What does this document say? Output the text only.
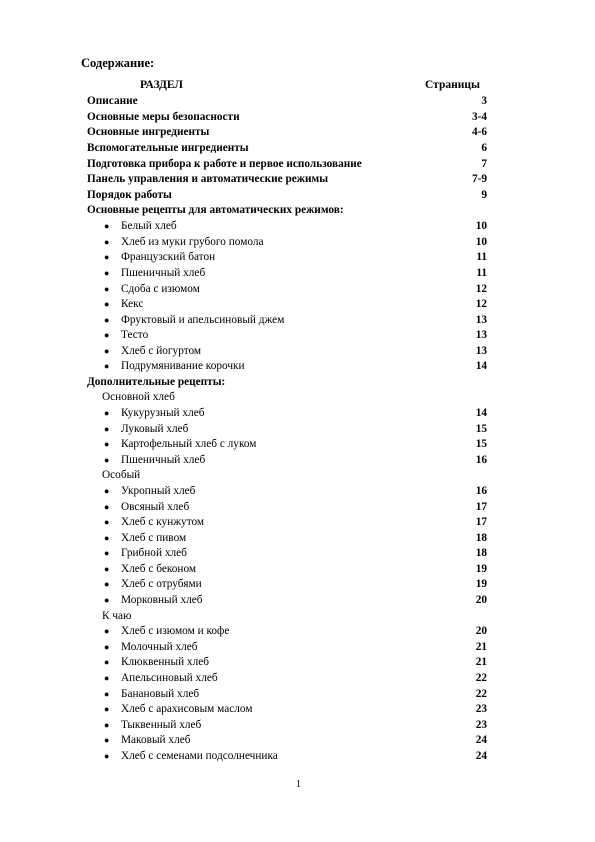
Содержание:
РАЗДЕЛ	Страницы
Описание	3
Основные меры безопасности	3-4
Основные ингредиенты	4-6
Вспомогательные ингредиенты	6
Подготовка прибора к работе и первое использование	7
Панель управления и автоматические режимы	7-9
Порядок работы	9
Основные рецепты для автоматических режимов:
● Белый хлеб	10
● Хлеб из муки грубого помола	10
● Французский батон	11
● Пшеничный хлеб	11
● Сдоба с изюмом	12
● Кекс	12
● Фруктовый и апельсиновый джем	13
● Тесто	13
● Хлеб с йогуртом	13
● Подрумянивание корочки	14
Дополнительные рецепты:
Основной хлеб
● Кукурузный хлеб	14
● Луковый хлеб	15
● Картофельный хлеб с луком	15
● Пшеничный хлеб	16
Особый
● Укропный хлеб	16
● Овсяный хлеб	17
● Хлеб с кунжутом	17
● Хлеб с пивом	18
● Грибной хлеб	18
● Хлеб с беконом	19
● Хлеб с отрубями	19
● Морковный хлеб	20
К чаю
● Хлеб с изюмом и кофе	20
● Молочный хлеб	21
● Клюквенный хлеб	21
● Апельсиновый хлеб	22
● Банановый хлеб	22
● Хлеб с арахисовым маслом	23
● Тыквенный хлеб	23
● Маковый хлеб	24
● Хлеб с семенами подсолнечника	24
1
